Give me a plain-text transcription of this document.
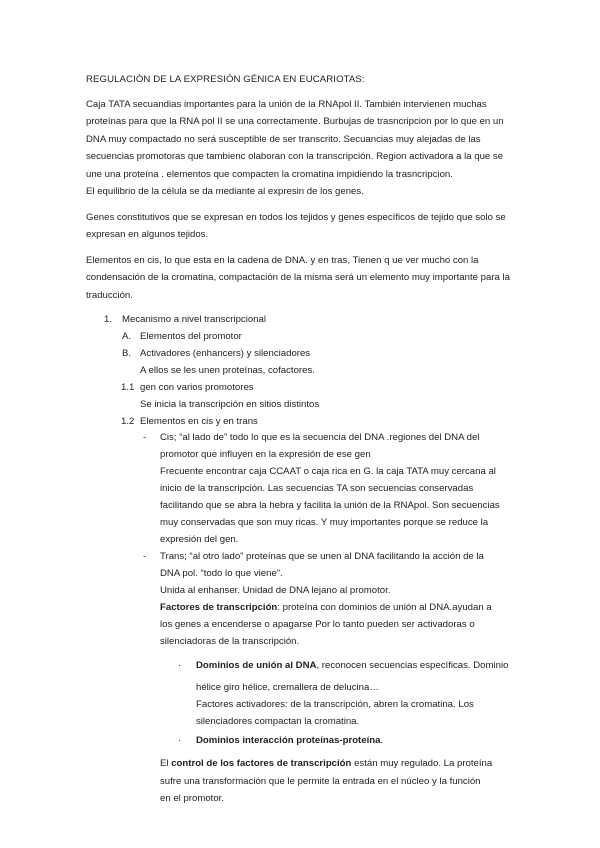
REGULACIÓN DE LA EXPRESIÓN GÉNICA EN EUCARIOTAS:
Caja TATA secuandias importantes para la unión de la RNApol II. También intervienen muchas proteínas para que la RNA pol II se una correctamente. Burbujas de trasncripcion por lo que en un DNA muy compactado no será susceptible de ser transcrito. Secuancias muy alejadas de las secuencias promotoras que tambienc olaboran con la transcripción. Region activadora a la que se une una proteína . elementos que compacten la cromatina impidiendo la trasncripcion.
El equilibrio de la célula se da mediante al expresin de los genes.
Genes constitutivos que se expresan en todos los tejidos y genes específicos de tejido que solo se expresan en algunos tejidos.
Elementos en cis, lo que esta en la cadena de DNA. y en tras, Tienen q ue ver mucho con la condensación de la cromatina, compactación de la misma será un elemento muy importante para la traducción.
1. Mecanismo a nivel transcripcional
A. Elementos del promotor
B. Activadores (enhancers) y silenciadores
A ellos se les unen proteínas, cofactores.
1.1 gen con varios promotores
Se inicia la transcripción en sitios distintos
1.2 Elementos en cis y en trans
- Cis; “al lado de” todo lo que es la secuencia del DNA .regiones del DNA del
promotor que influyen en la expresión de ese gen
Frecuente encontrar caja CCAAT o caja rica en G. la caja TATA muy cercana al
inicio de la transcripción. Las secuencias TA son secuencias conservadas
facilitando que se abra la hebra y facilita la unión de la RNApol. Son secuencias
muy conservadas que son muy ricas. Y muy importantes porque se reduce la
expresión del gen.
- Trans; “al otro lado” proteínas que se unen al DNA facilitando la acción de la
DNA pol. “todo lo que viene”.
Unida al enhanser. Unidad de DNA lejano al promotor.
Factores de transcripción: proteína con dominios de unión al DNA.ayudan a
los genes a encenderse o apagarse Por lo tanto pueden ser activadoras o
silenciadoras de la transcripción.
· Dominios de unión al DNA, reconocen secuencias específicas. Dominio
hélice giro hélice, cremallera de delucina…
Factores activadores: de la transcripción, abren la cromatina. Los
silenciadores compactan la cromatina.
· Dominios interacción proteínas-proteína.
El control de los factores de transcripción están muy regulado. La proteína
sufre una transformación que le permite la entrada en el núcleo y la función
en el promotor.
